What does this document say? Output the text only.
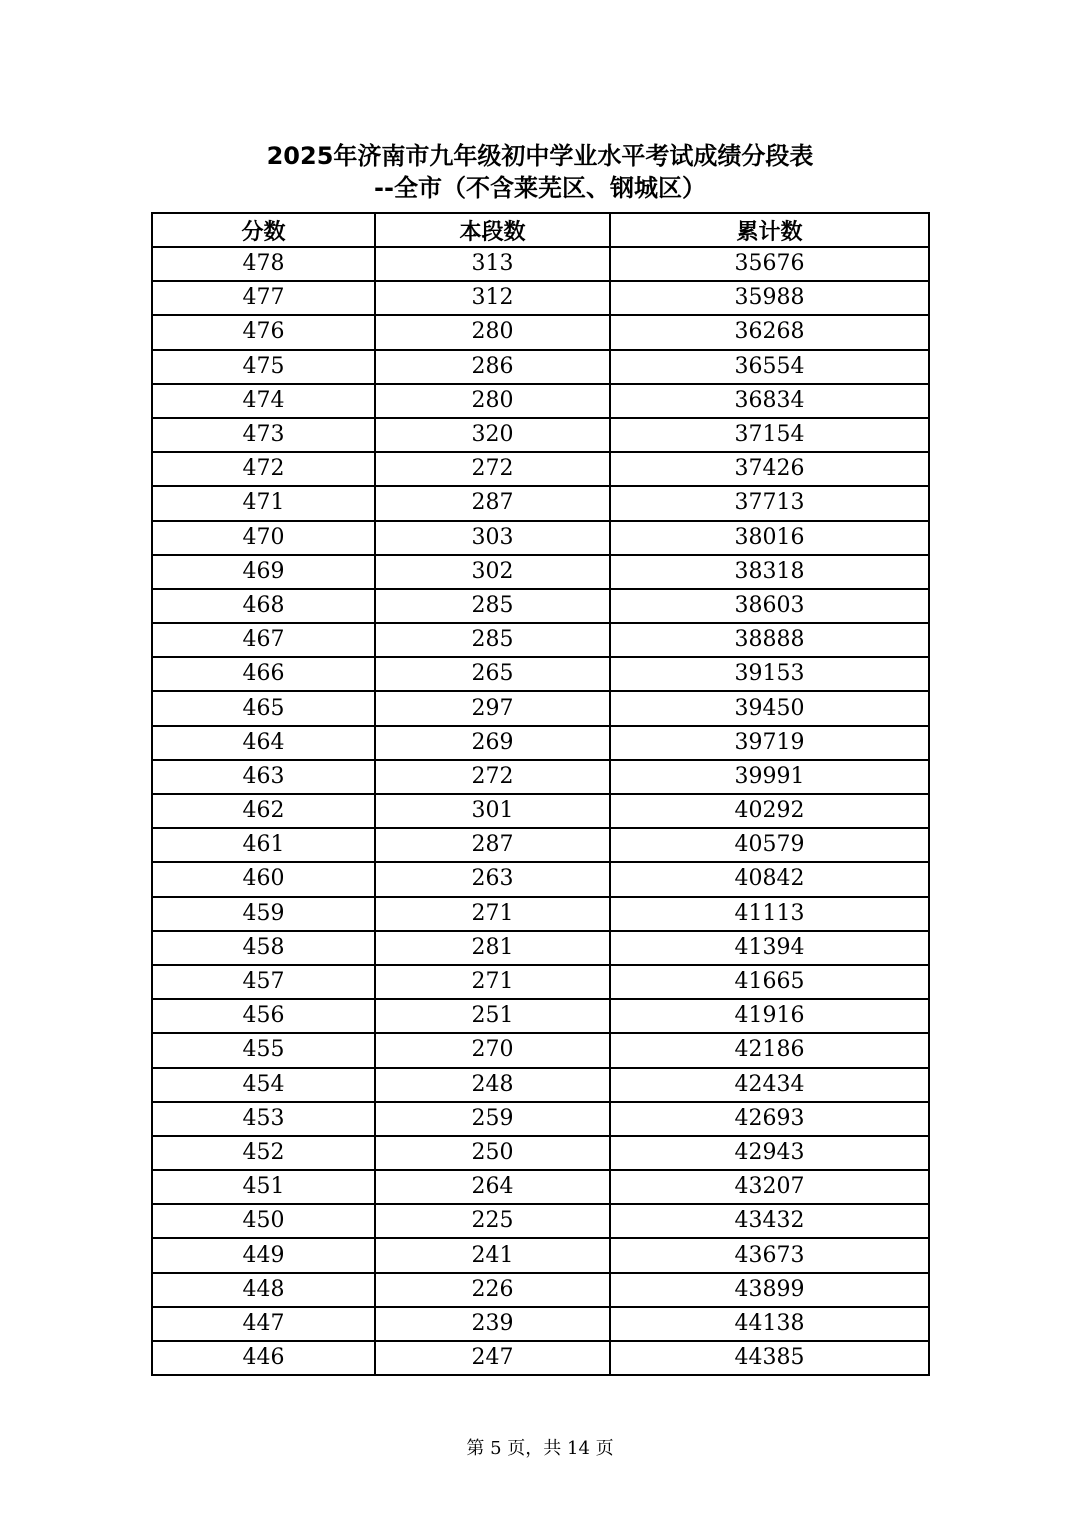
2025年济南市九年级初中学业水平考试成绩分段表
--全市（不含莱芜区、钢城区）
分数	本段数	累计数
478	313	35676
477	312	35988
476	280	36268
475	286	36554
474	280	36834
473	320	37154
472	272	37426
471	287	37713
470	303	38016
469	302	38318
468	285	38603
467	285	38888
466	265	39153
465	297	39450
464	269	39719
463	272	39991
462	301	40292
461	287	40579
460	263	40842
459	271	41113
458	281	41394
457	271	41665
456	251	41916
455	270	42186
454	248	42434
453	259	42693
452	250	42943
451	264	43207
450	225	43432
449	241	43673
448	226	43899
447	239	44138
446	247	44385
第 5 页，共 14 页
